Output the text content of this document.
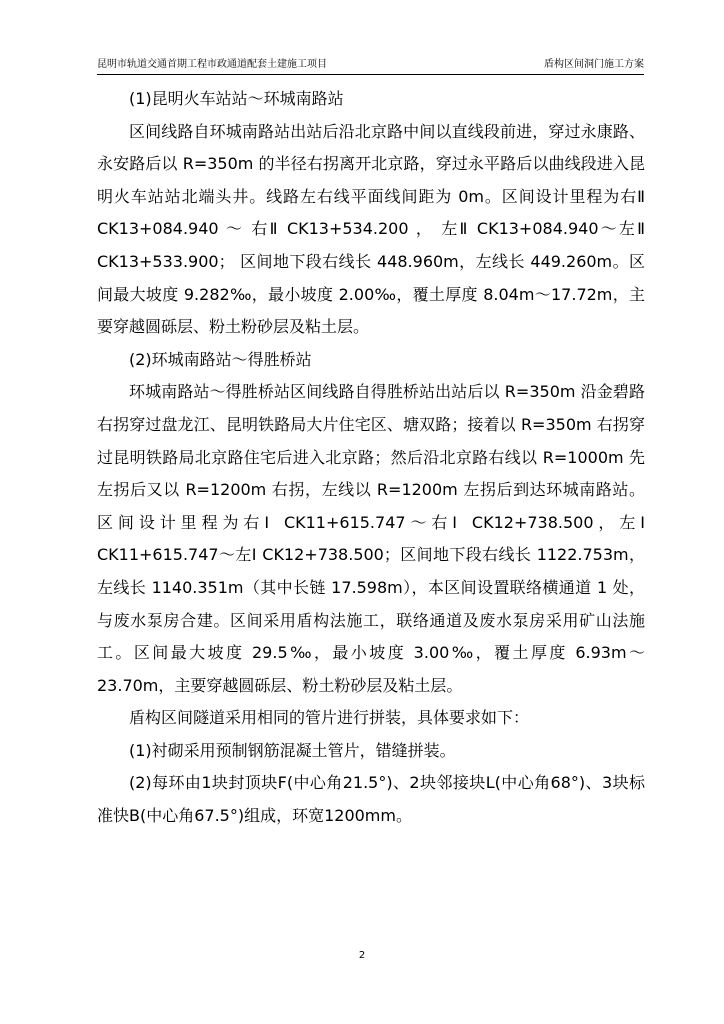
昆明市轨道交通首期工程市政通道配套土建施工项目	盾构区间洞门施工方案

(1)昆明火车站站～环城南路站

区间线路自环城南路站出站后沿北京路中间以直线段前进，穿过永康路、永安路后以 R=350m 的半径右拐离开北京路，穿过永平路后以曲线段进入昆明火车站站北端头井。线路左右线平面线间距为 0m。区间设计里程为右Ⅱ CK13+084.940 ～ 右Ⅱ CK13+534.200 ， 左Ⅱ CK13+084.940～左Ⅱ CK13+533.900； 区间地下段右线长 448.960m，左线长 449.260m。区间最大坡度 9.282‰，最小坡度 2.00‰，覆土厚度 8.04m～17.72m，主要穿越圆砾层、粉土粉砂层及粘土层。

(2)环城南路站～得胜桥站

环城南路站～得胜桥站区间线路自得胜桥站出站后以 R=350m 沿金碧路右拐穿过盘龙江、昆明铁路局大片住宅区、塘双路；接着以 R=350m 右拐穿过昆明铁路局北京路住宅后进入北京路；然后沿北京路右线以 R=1000m 先左拐后又以 R=1200m 右拐，左线以 R=1200m 左拐后到达环城南路站。区间设计里程为右Ⅰ CK11+615.747～右Ⅰ CK12+738.500，左Ⅰ CK11+615.747～左Ⅰ CK12+738.500；区间地下段右线长 1122.753m，左线长 1140.351m（其中长链 17.598m），本区间设置联络横通道 1 处，与废水泵房合建。区间采用盾构法施工，联络通道及废水泵房采用矿山法施工。区间最大坡度 29.5‰，最小坡度 3.00‰，覆土厚度 6.93m～23.70m，主要穿越圆砾层、粉土粉砂层及粘土层。

盾构区间隧道采用相同的管片进行拼装，具体要求如下：

(1)衬砌采用预制钢筋混凝土管片，错缝拼装。

(2)每环由1块封顶块F(中心角21.5°)、2块邻接块L(中心角68°)、3块标准快B(中心角67.5°)组成，环宽1200mm。

2
